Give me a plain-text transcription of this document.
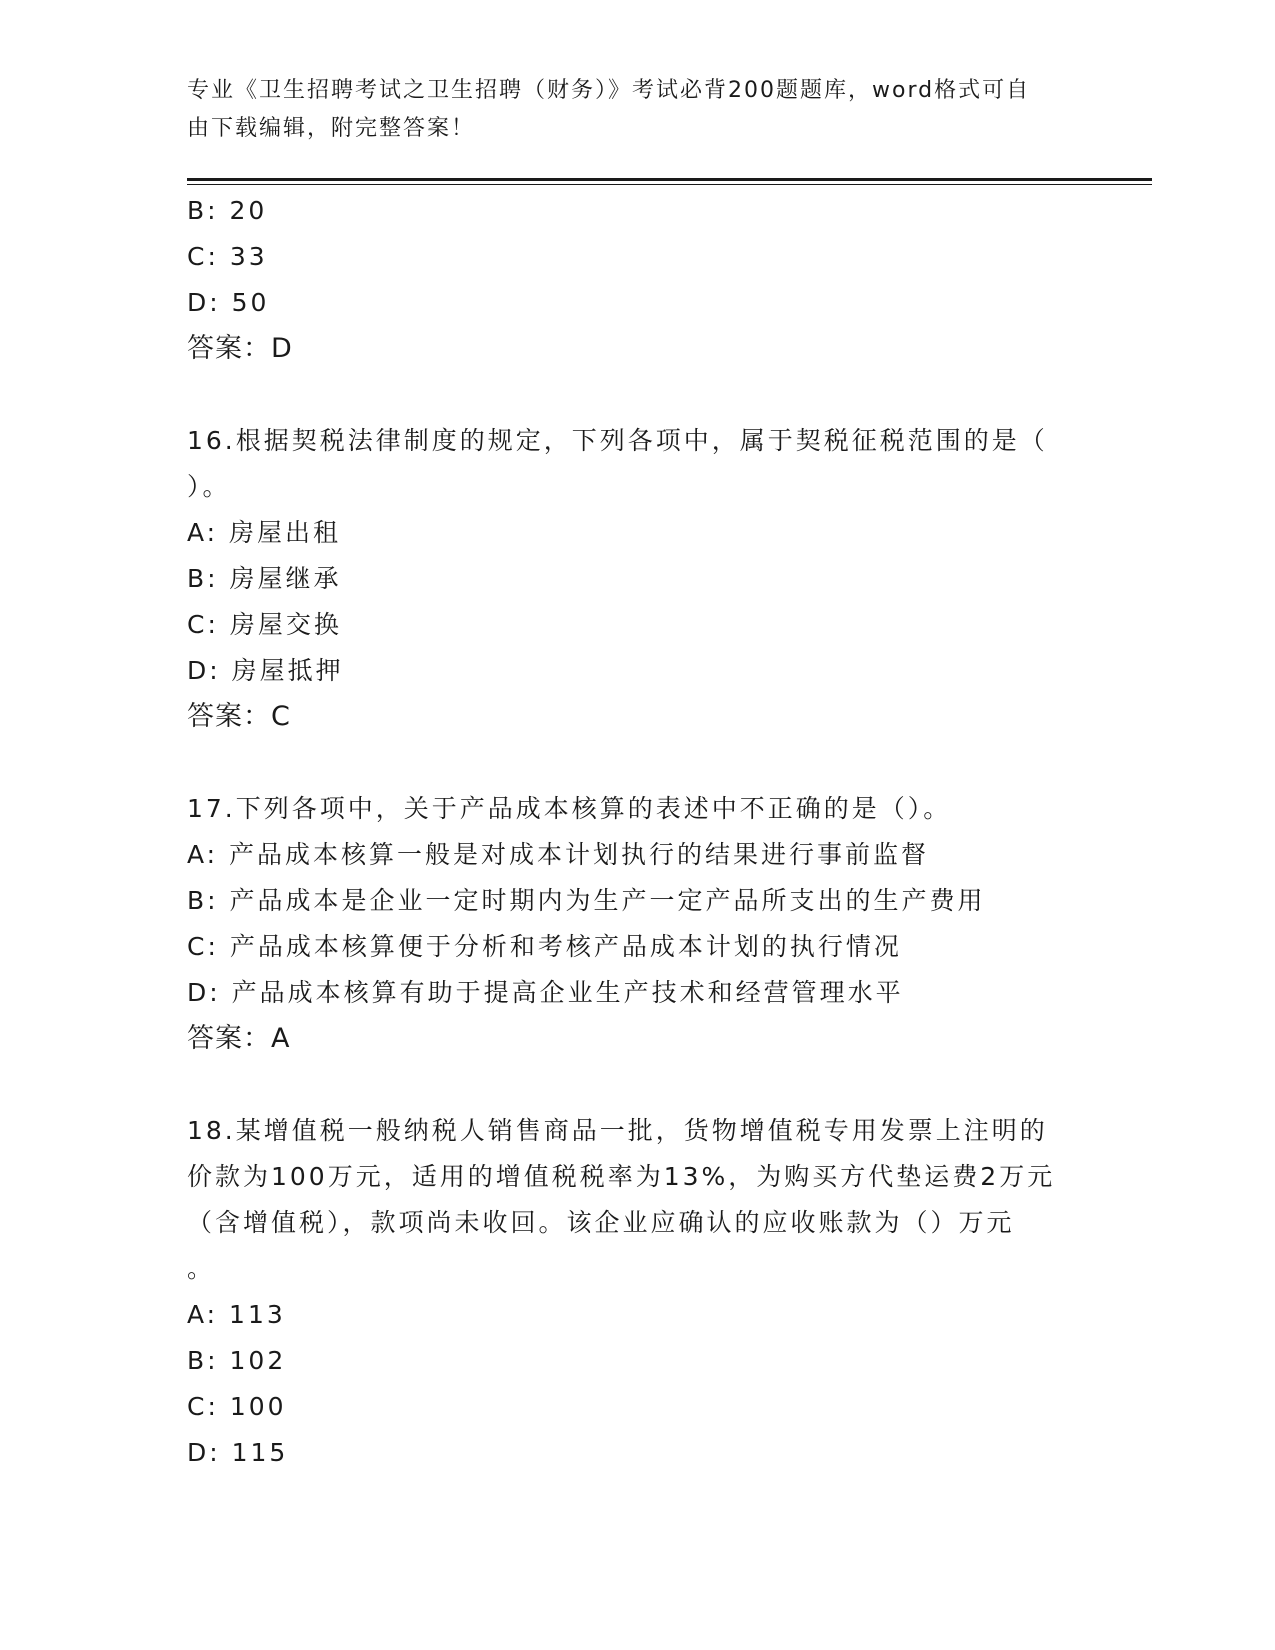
专业《卫生招聘考试之卫生招聘（财务）》考试必背200题题库，word格式可自
由下载编辑，附完整答案！
B: 20
C: 33
D: 50
答案：D
16.根据契税法律制度的规定，下列各项中，属于契税征税范围的是（
）。
A: 房屋出租
B: 房屋继承
C: 房屋交换
D: 房屋抵押
答案：C
17.下列各项中，关于产品成本核算的表述中不正确的是（）。
A: 产品成本核算一般是对成本计划执行的结果进行事前监督
B: 产品成本是企业一定时期内为生产一定产品所支出的生产费用
C: 产品成本核算便于分析和考核产品成本计划的执行情况
D: 产品成本核算有助于提高企业生产技术和经营管理水平
答案：A
18.某增值税一般纳税人销售商品一批，货物增值税专用发票上注明的
价款为100万元，适用的增值税税率为13%，为购买方代垫运费2万元
（含增值税），款项尚未收回。该企业应确认的应收账款为（）万元
。
A: 113
B: 102
C: 100
D: 115
